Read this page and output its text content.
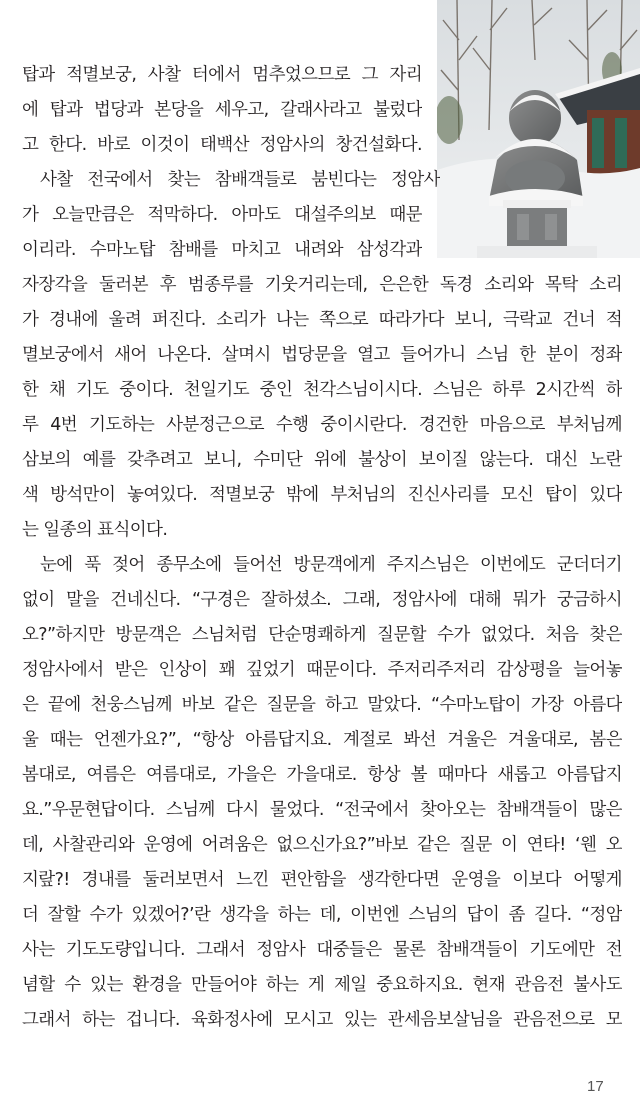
탑과 적멸보궁, 사찰 터에서 멈추었으므로 그 자리
에 탑과 법당과 본당을 세우고, 갈래사라고 불렀다
고 한다. 바로 이것이 태백산 정암사의 창건설화다.
사찰 전국에서 찾는 참배객들로 붐빈다는 정암사
가 오늘만큼은 적막하다. 아마도 대설주의보 때문
이리라. 수마노탑 참배를 마치고 내려와 삼성각과
자장각을 둘러본 후 범종루를 기웃거리는데, 은은한 독경 소리와 목탁 소리
가 경내에 울려 퍼진다. 소리가 나는 쪽으로 따라가다 보니, 극락교 건너 적
멸보궁에서 새어 나온다. 살며시 법당문을 열고 들어가니 스님 한 분이 정좌
한 채 기도 중이다. 천일기도 중인 천각스님이시다. 스님은 하루 2시간씩 하
루 4번 기도하는 사분정근으로 수행 중이시란다. 경건한 마음으로 부처님께
삼보의 예를 갖추려고 보니, 수미단 위에 불상이 보이질 않는다. 대신 노란
색 방석만이 놓여있다. 적멸보궁 밖에 부처님의 진신사리를 모신 탑이 있다
는 일종의 표식이다.
눈에 푹 젖어 종무소에 들어선 방문객에게 주지스님은 이번에도 군더더기
없이 말을 건네신다. “구경은 잘하셨소. 그래, 정암사에 대해 뭐가 궁금하시
오?”하지만 방문객은 스님처럼 단순명쾌하게 질문할 수가 없었다. 처음 찾은
정암사에서 받은 인상이 꽤 깊었기 때문이다. 주저리주저리 감상평을 늘어놓
은 끝에 천웅스님께 바보 같은 질문을 하고 말았다. “수마노탑이 가장 아름다
울 때는 언젠가요?”, “항상 아름답지요. 계절로 봐선 겨울은 겨울대로, 봄은
봄대로, 여름은 여름대로, 가을은 가을대로. 항상 볼 때마다 새롭고 아름답지
요.”우문현답이다. 스님께 다시 물었다. “전국에서 찾아오는 참배객들이 많은
데, 사찰관리와 운영에 어려움은 없으신가요?”바보 같은 질문 이 연타! ‘웬 오
지랖?! 경내를 둘러보면서 느낀 편안함을 생각한다면 운영을 이보다 어떻게
더 잘할 수가 있겠어?’란 생각을 하는 데, 이번엔 스님의 답이 좀 길다. “정암
사는 기도도량입니다. 그래서 정암사 대중들은 물론 참배객들이 기도에만 전
념할 수 있는 환경을 만들어야 하는 게 제일 중요하지요. 현재 관음전 불사도
그래서 하는 겁니다. 육화정사에 모시고 있는 관세음보살님을 관음전으로 모
17
